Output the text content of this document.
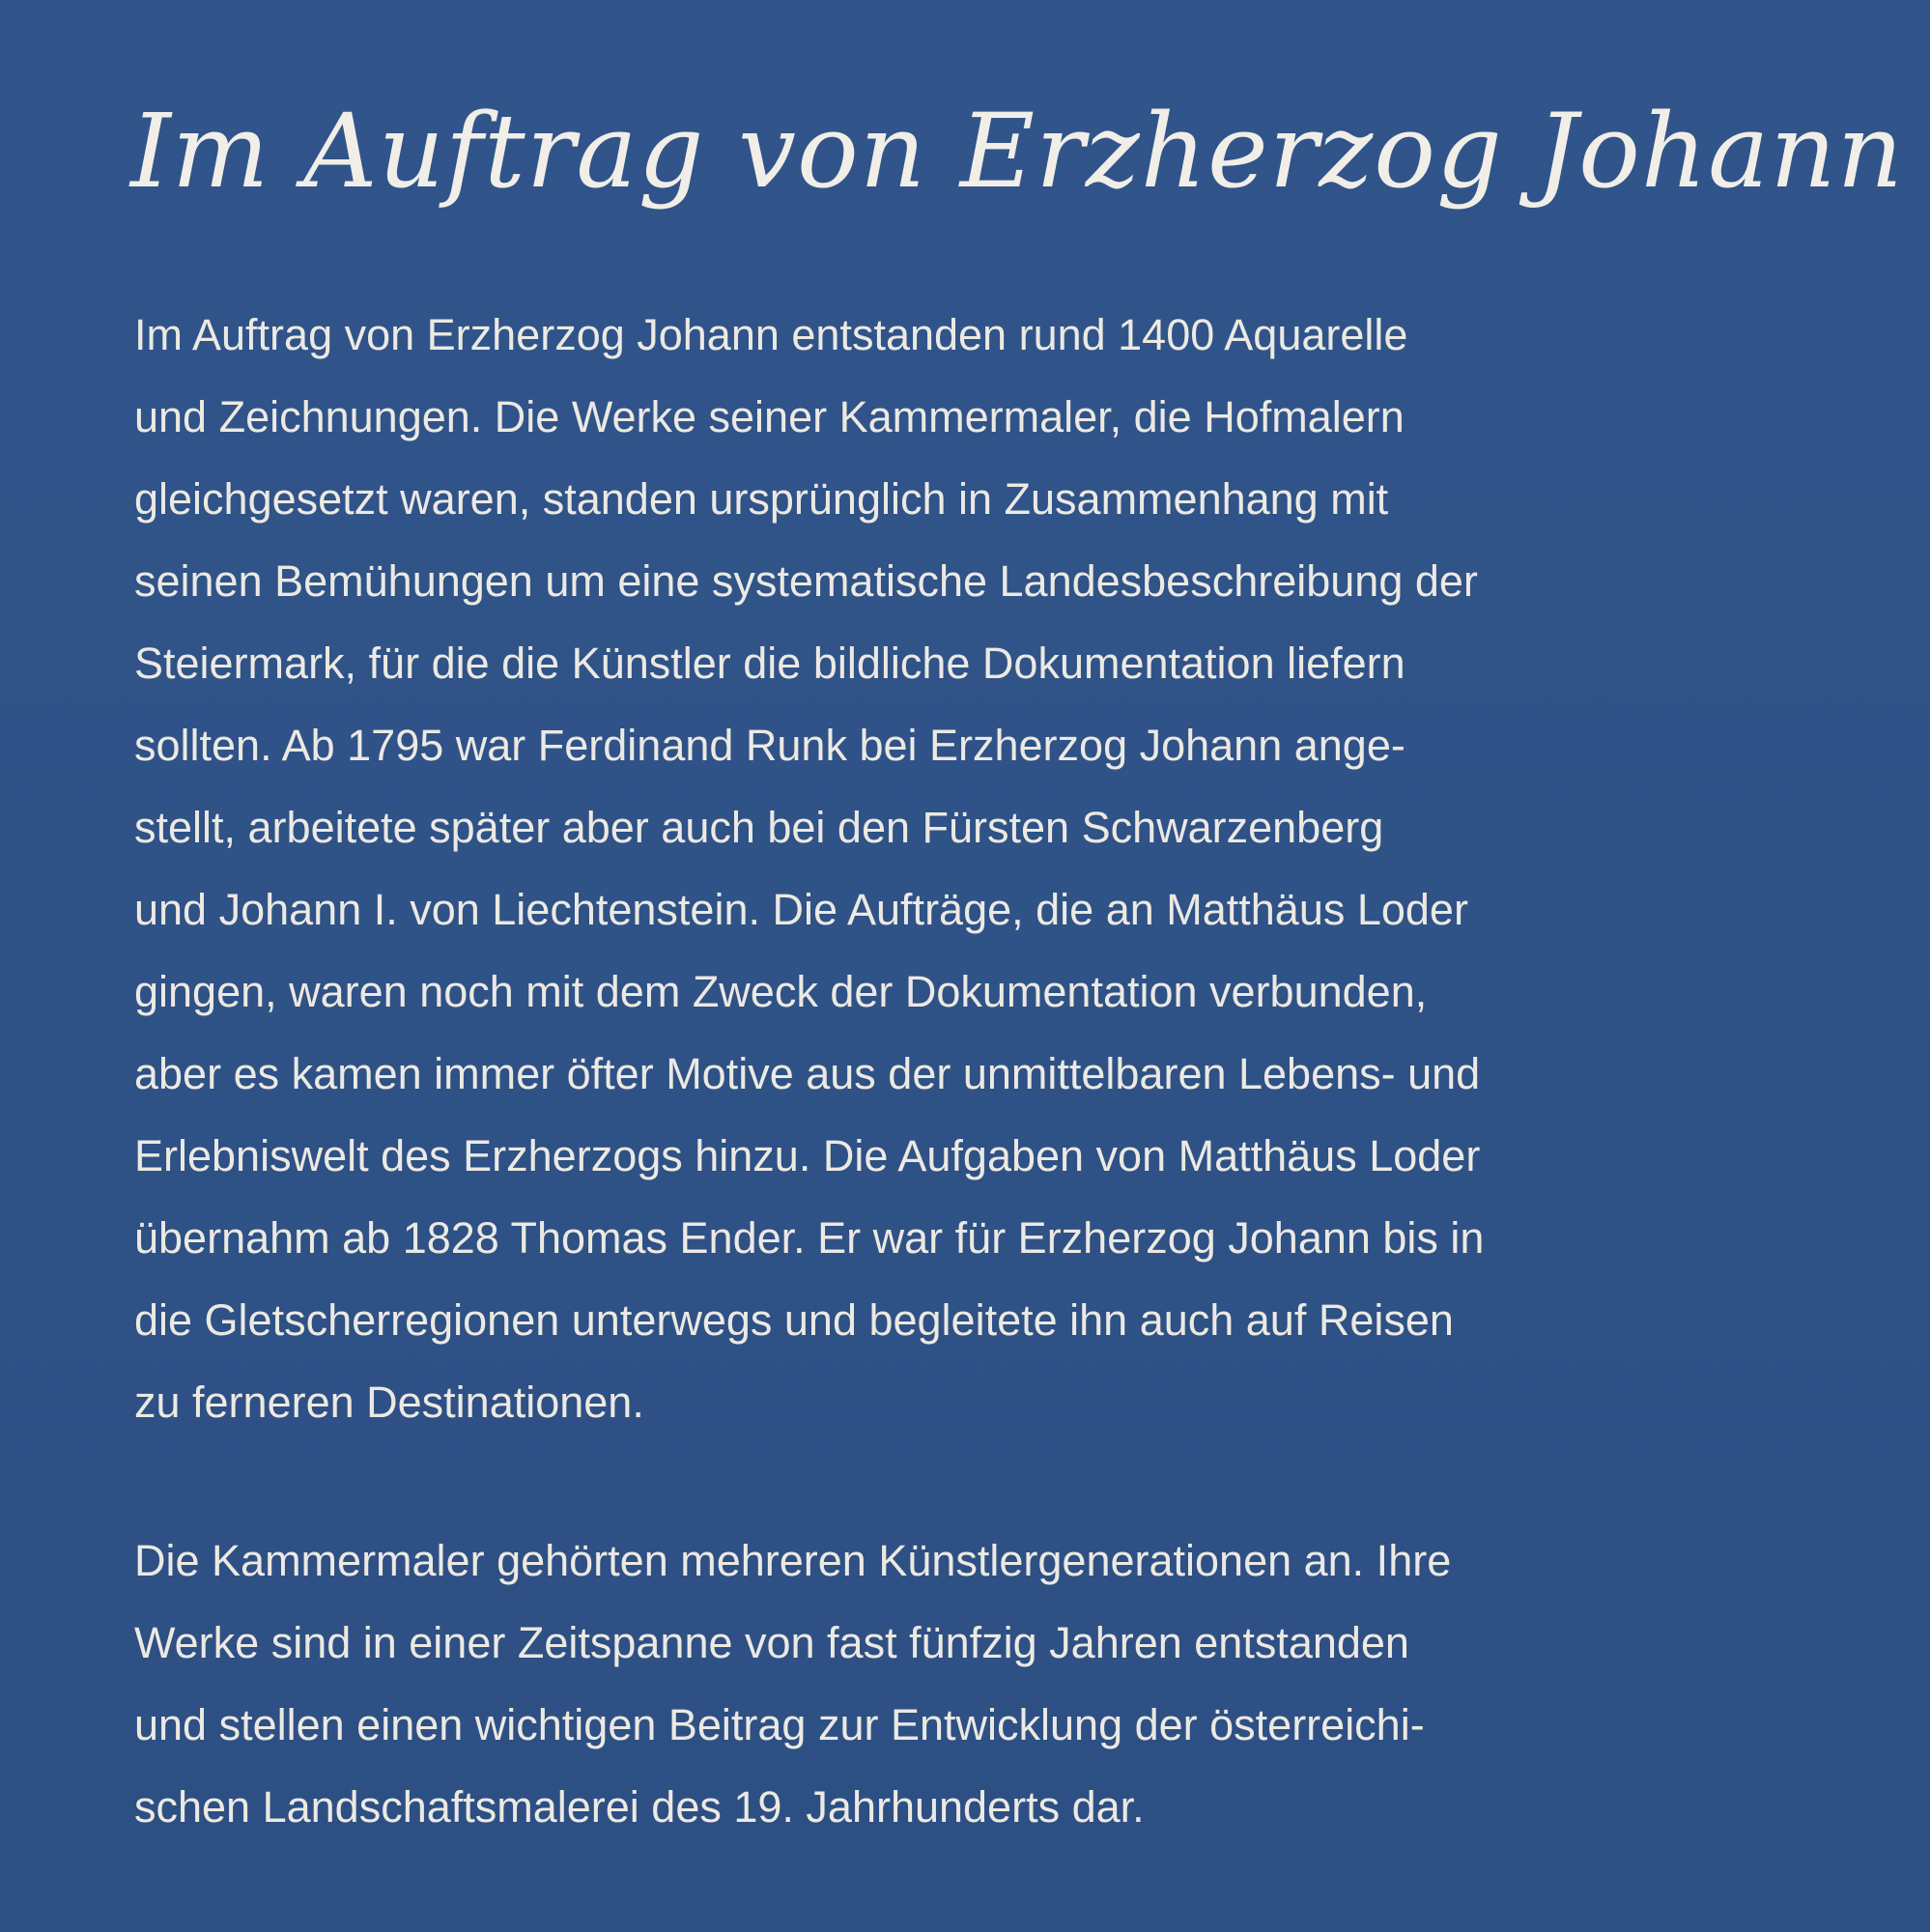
Im Auftrag von Erzherzog Johann
Im Auftrag von Erzherzog Johann entstanden rund 1400 Aquarelle
und Zeichnungen. Die Werke seiner Kammermaler, die Hofmalern
gleichgesetzt waren, standen ursprünglich in Zusammenhang mit
seinen Bemühungen um eine systematische Landesbeschreibung der
Steiermark, für die die Künstler die bildliche Dokumentation liefern
sollten. Ab 1795 war Ferdinand Runk bei Erzherzog Johann ange-
stellt, arbeitete später aber auch bei den Fürsten Schwarzenberg
und Johann I. von Liechtenstein. Die Aufträge, die an Matthäus Loder
gingen, waren noch mit dem Zweck der Dokumentation verbunden,
aber es kamen immer öfter Motive aus der unmittelbaren Lebens- und
Erlebniswelt des Erzherzogs hinzu. Die Aufgaben von Matthäus Loder
übernahm ab 1828 Thomas Ender. Er war für Erzherzog Johann bis in
die Gletscherregionen unterwegs und begleitete ihn auch auf Reisen
zu ferneren Destinationen.
Die Kammermaler gehörten mehreren Künstlergenerationen an. Ihre
Werke sind in einer Zeitspanne von fast fünfzig Jahren entstanden
und stellen einen wichtigen Beitrag zur Entwicklung der österreichi-
schen Landschaftsmalerei des 19. Jahrhunderts dar.
